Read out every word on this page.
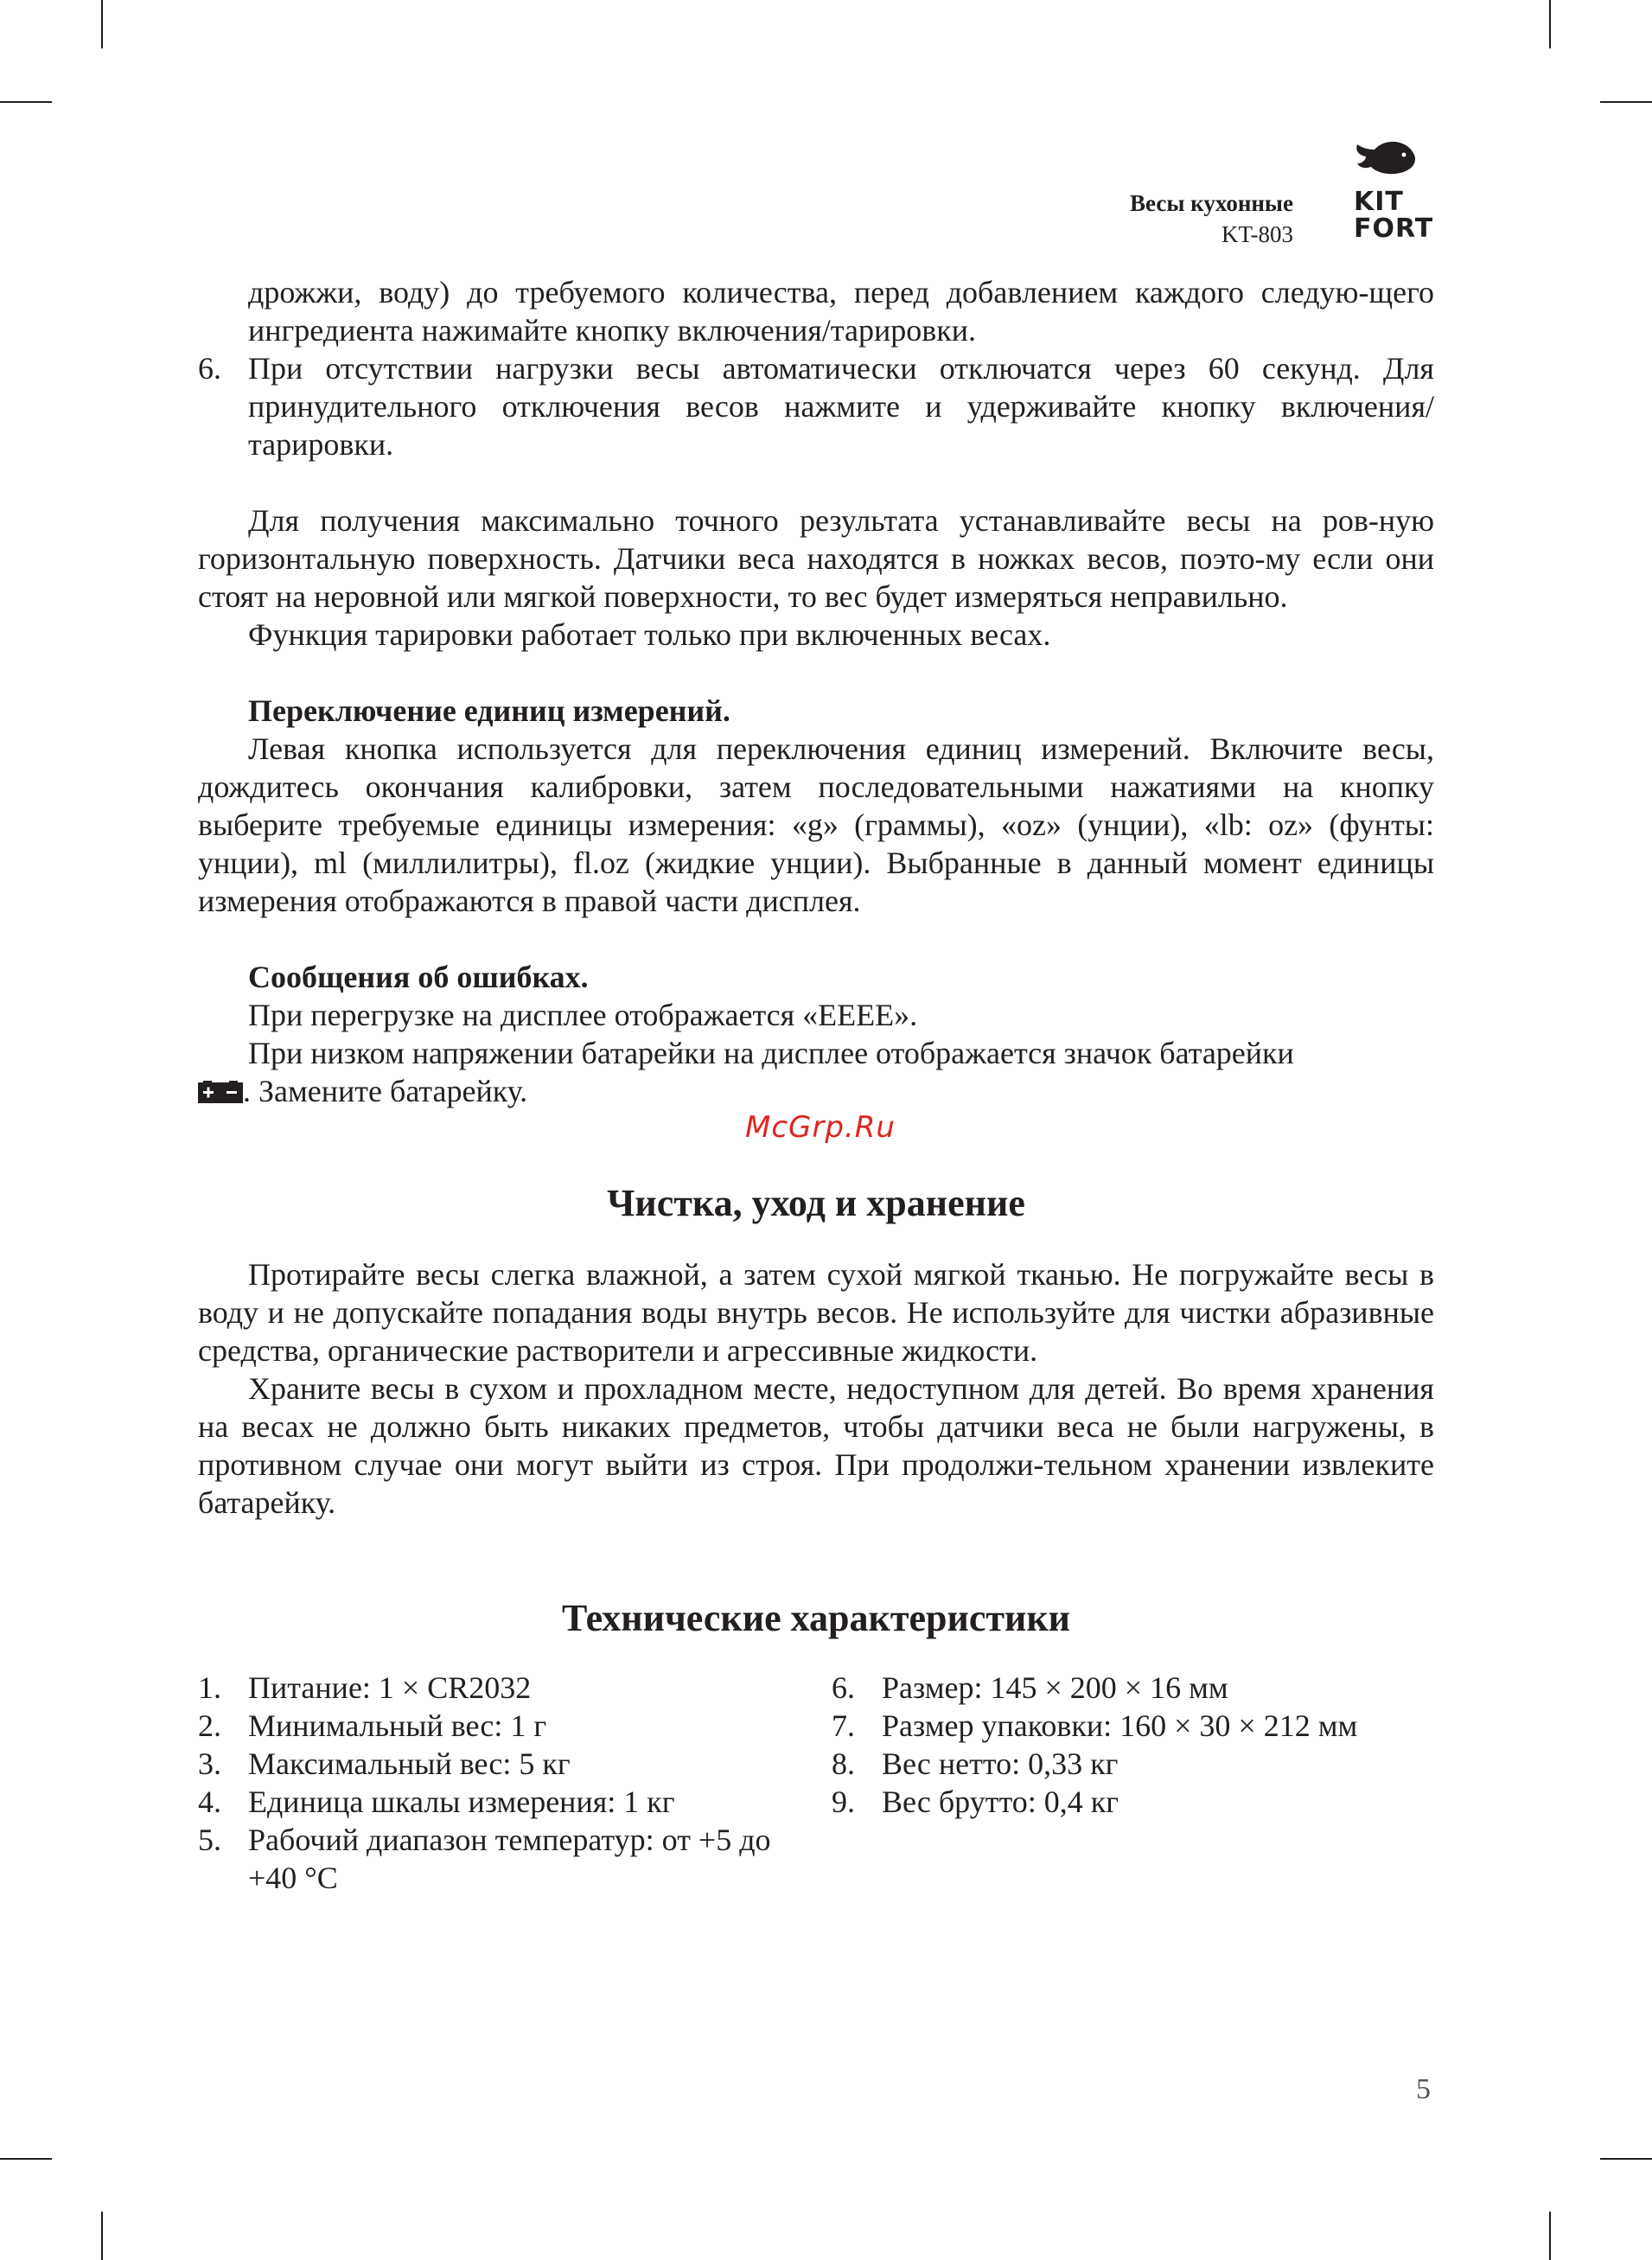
Весы кухонные
KT-803
KIT
FORT

дрожжи, воду) до требуемого количества, перед добавлением каждого следую-щего ингредиента нажимайте кнопку включения/тарировки.

6. При отсутствии нагрузки весы автоматически отключатся через 60 секунд. Для принудительного отключения весов нажмите и удерживайте кнопку включения/тарировки.

Для получения максимально точного результата устанавливайте весы на ров-ную горизонтальную поверхность. Датчики веса находятся в ножках весов, поэто-му если они стоят на неровной или мягкой поверхности, то вес будет измеряться неправильно.

Функция тарировки работает только при включенных весах.

Переключение единиц измерений.

Левая кнопка используется для переключения единиц измерений. Включите весы, дождитесь окончания калибровки, затем последовательными нажатиями на кнопку выберите требуемые единицы измерения: «g» (граммы), «oz» (унции), «lb: oz» (фунты: унции), ml (миллилитры), fl.oz (жидкие унции). Выбранные в данный момент единицы измерения отображаются в правой части дисплея.

Сообщения об ошибках.

При перегрузке на дисплее отображается «EEEE».

При низком напряжении батарейки на дисплее отображается значок батарейки

. Замените батарейку.

Чистка, уход и хранение

Протирайте весы слегка влажной, а затем сухой мягкой тканью. Не погружайте весы в воду и не допускайте попадания воды внутрь весов. Не используйте для чистки абразивные средства, органические растворители и агрессивные жидкости.

Храните весы в сухом и прохладном месте, недоступном для детей. Во время хранения на весах не должно быть никаких предметов, чтобы датчики веса не были нагружены, в противном случае они могут выйти из строя. При продолжи-тельном хранении извлеките батарейку.

Технические характеристики
1. Питание: 1 × CR2032
2. Минимальный вес: 1 г
3. Максимальный вес: 5 кг
4. Единица шкалы измерения: 1 кг
5. Рабочий диапазон температур: от +5 до +40 °C
6. Размер: 145 × 200 × 16 мм
7. Размер упаковки: 160 × 30 × 212 мм
8. Вес нетто: 0,33 кг
9. Вес брутто: 0,4 кг
McGrp.Ru
5
